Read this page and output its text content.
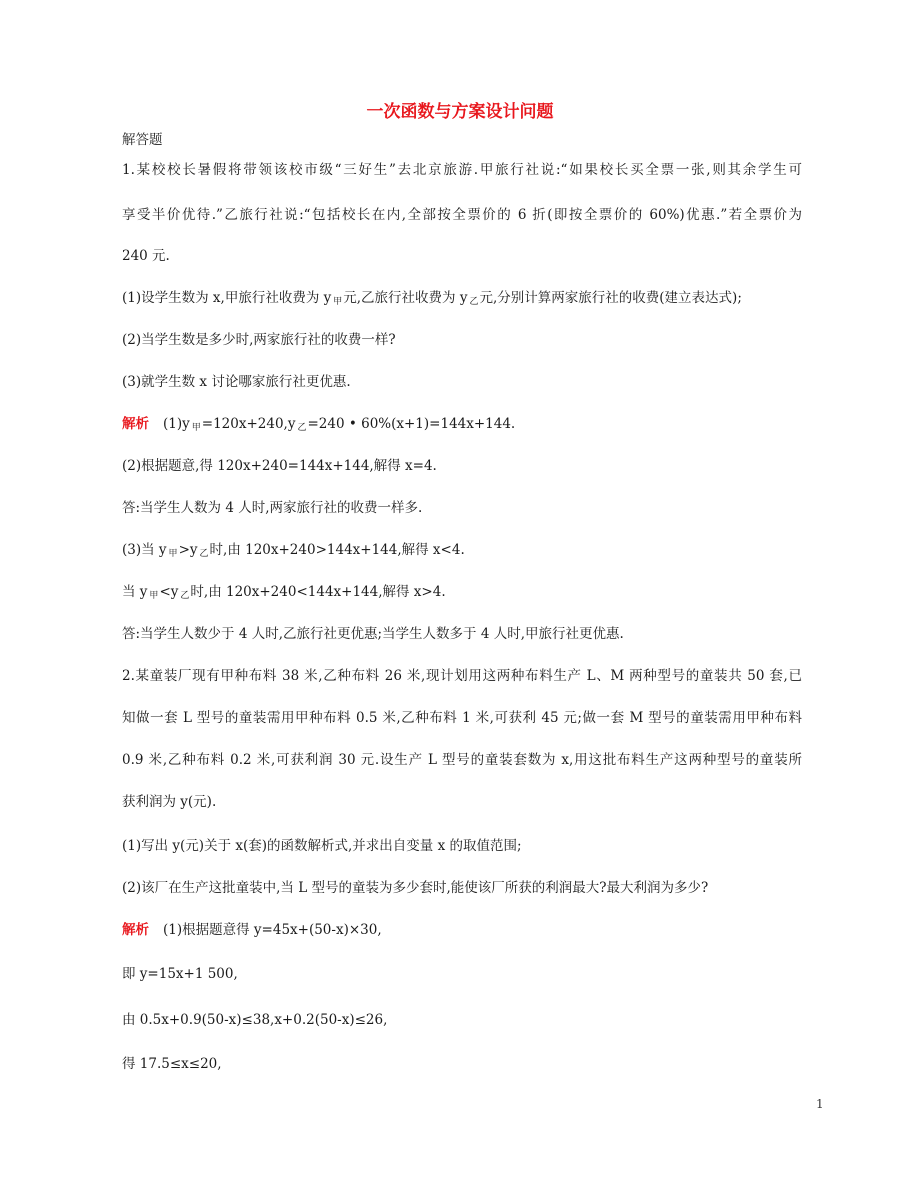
一次函数与方案设计问题
解答题
1.某校校长暑假将带领该校市级“三好生”去北京旅游.甲旅行社说:“如果校长买全票一张,则其余学生可
享受半价优待.”乙旅行社说:“包括校长在内,全部按全票价的 6 折(即按全票价的 60%)优惠.”若全票价为
240 元.
(1)设学生数为 x,甲旅行社收费为 y $_甲$元,乙旅行社收费为 y $_乙$元,分别计算两家旅行社的收费(建立表达式);
(2)当学生数是多少时,两家旅行社的收费一样?
(3)就学生数 x 讨论哪家旅行社更优惠.
解析 (1)y $_甲$=120x+240,y $_乙$=240 • 60%(x+1)=144x+144.
(2)根据题意,得 120x+240=144x+144,解得 x=4.
答:当学生人数为 4 人时,两家旅行社的收费一样多.
(3)当 y $_甲$>y $_乙$时,由 120x+240>144x+144,解得 x<4.
当 y $_甲$<y $_乙$时,由 120x+240<144x+144,解得 x>4.
答:当学生人数少于 4 人时,乙旅行社更优惠;当学生人数多于 4 人时,甲旅行社更优惠.
2.某童装厂现有甲种布料 38 米,乙种布料 26 米,现计划用这两种布料生产 L、M 两种型号的童装共 50 套,已
知做一套 L 型号的童装需用甲种布料 0.5 米,乙种布料 1 米,可获利 45 元;做一套 M 型号的童装需用甲种布料
0.9 米,乙种布料 0.2 米,可获利润 30 元.设生产 L 型号的童装套数为 x,用这批布料生产这两种型号的童装所
获利润为 y(元).
(1)写出 y(元)关于 x(套)的函数解析式,并求出自变量 x 的取值范围;
(2)该厂在生产这批童装中,当 L 型号的童装为多少套时,能使该厂所获的利润最大?最大利润为多少?
解析 (1)根据题意得 y=45x+(50-x)×30,
即 y=15x+1 500,
由 0.5x+0.9(50-x)≤38,x+0.2(50-x)≤26,
得 17.5≤x≤20,
1
